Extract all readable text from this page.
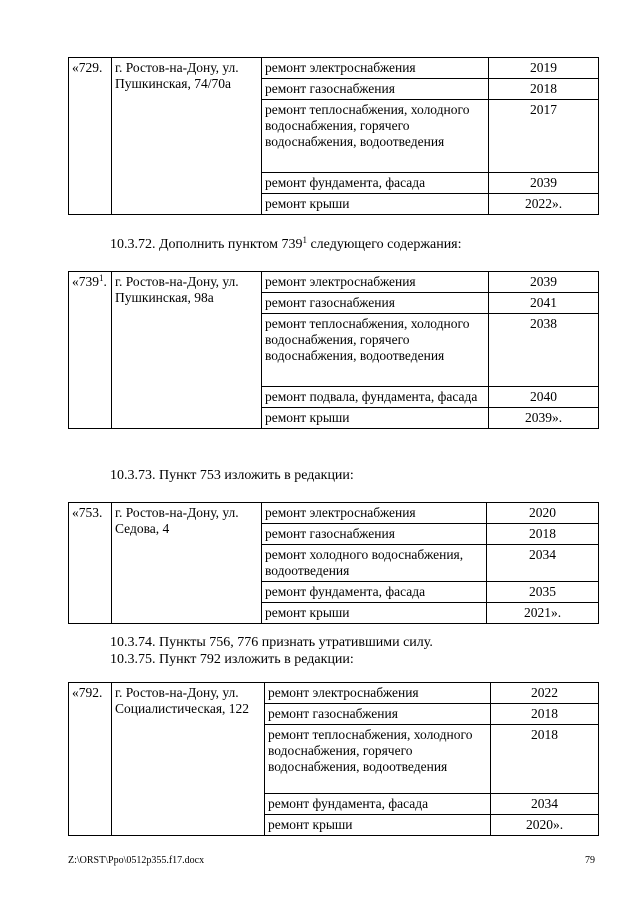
«729.	г. Ростов-на-Дону, ул. Пушкинская, 74/70а	ремонт электроснабжения	2019
		ремонт газоснабжения	2018
		ремонт теплоснабжения, холодного водоснабжения, горячего водоснабжения, водоотведения	2017
		ремонт фундамента, фасада	2039
		ремонт крыши	2022».
10.3.72. Дополнить пунктом $739^1$ следующего содержания:
«$739^1$.	г. Ростов-на-Дону, ул. Пушкинская, 98а	ремонт электроснабжения	2039
		ремонт газоснабжения	2041
		ремонт теплоснабжения, холодного водоснабжения, горячего водоснабжения, водоотведения	2038
		ремонт подвала, фундамента, фасада	2040
		ремонт крыши	2039».
10.3.73. Пункт 753 изложить в редакции:
«753.	г. Ростов-на-Дону, ул. Седова, 4	ремонт электроснабжения	2020
		ремонт газоснабжения	2018
		ремонт холодного водоснабжения, водоотведения	2034
		ремонт фундамента, фасада	2035
		ремонт крыши	2021».
10.3.74. Пункты 756, 776 признать утратившими силу.
10.3.75. Пункт 792 изложить в редакции:
«792.	г. Ростов-на-Дону, ул. Социалистическая, 122	ремонт электроснабжения	2022
		ремонт газоснабжения	2018
		ремонт теплоснабжения, холодного водоснабжения, горячего водоснабжения, водоотведения	2018
		ремонт фундамента, фасада	2034
		ремонт крыши	2020».
Z:\ORST\Ppo\0512p355.f17.docx	79
